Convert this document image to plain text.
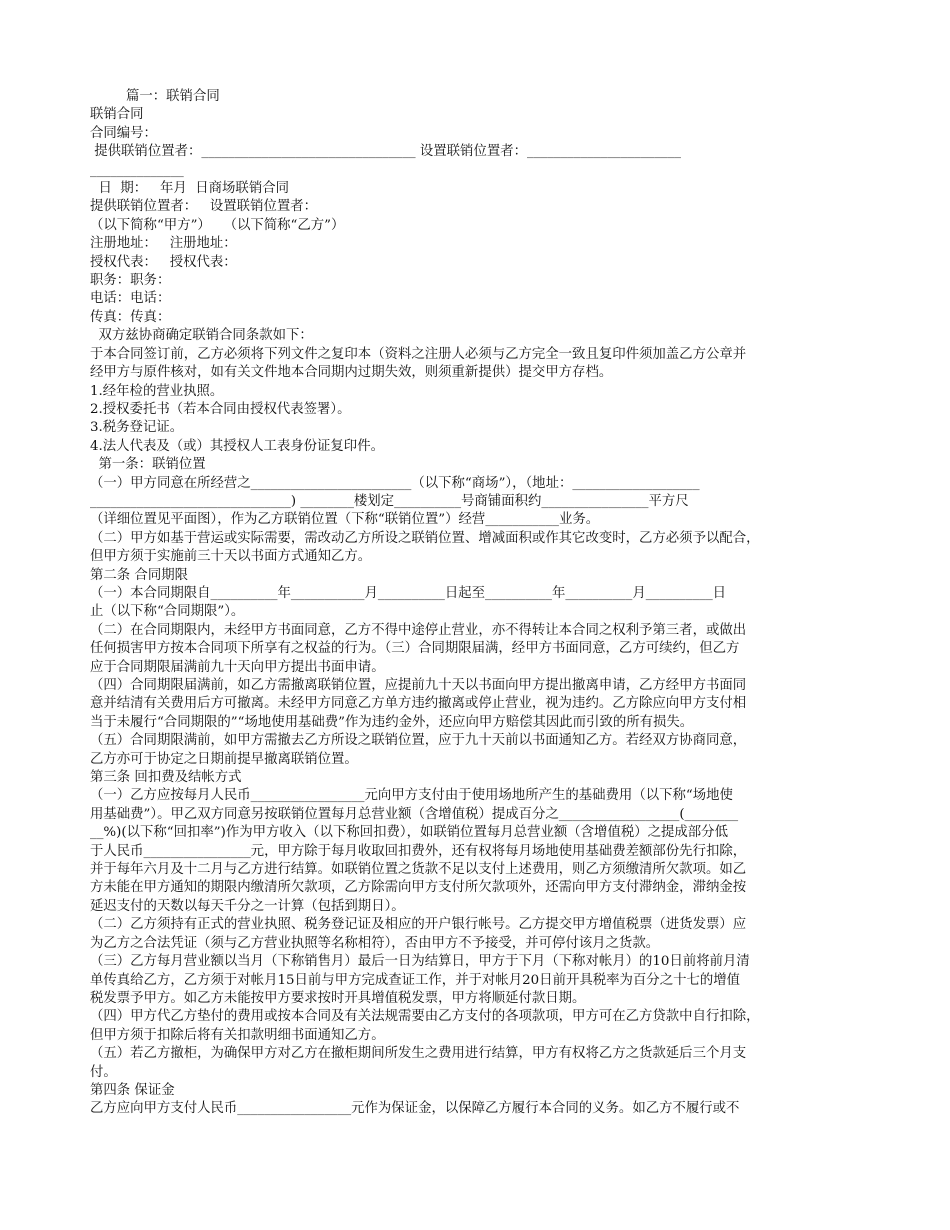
篇一：联销合同
联销合同
合同编号：
提供联销位置者：________________________________ 设置联销位置者：_______________________
______________
日  期：   年月  日商场联销合同
提供联销位置者：   设置联销位置者：
（以下简称“甲方”）   （以下简称“乙方”）
注册地址：   注册地址：
授权代表：   授权代表：
职务：职务：
电话：电话：
传真：传真：
双方兹协商确定联销合同条款如下：
于本合同签订前，乙方必须将下列文件之复印本（资料之注册人必须与乙方完全一致且复印件须加盖乙方公章并
经甲方与原件核对，如有关文件地本合同期内过期失效，则须重新提供）提交甲方存档。
1.经年检的营业执照。
2.授权委托书（若本合同由授权代表签署）。
3.税务登记证。
4.法人代表及（或）其授权人工表身份证复印件。
第一条：联销位置
（一）甲方同意在所经营之________________________（以下称“商场”），（地址：___________________
______________________________) ________楼划定__________号商铺面积约________________平方尺
（详细位置见平面图），作为乙方联销位置（下称“联销位置”）经营___________业务。
（二）甲方如基于营运或实际需要，需改动乙方所设之联销位置、增减面积或作其它改变时，乙方必须予以配合，
但甲方须于实施前三十天以书面方式通知乙方。
第二条 合同期限
（一）本合同期限自__________年___________月__________日起至__________年__________月__________日
止（以下称“合同期限”）。
（二）在合同期限内，未经甲方书面同意，乙方不得中途停止营业，亦不得转让本合同之权利予第三者，或做出
任何损害甲方按本合同项下所享有之权益的行为。（三）合同期限届满，经甲方书面同意，乙方可续约，但乙方
应于合同期限届满前九十天向甲方提出书面申请。
（四）合同期限届满前，如乙方需撤离联销位置，应提前九十天以书面向甲方提出撤离申请，乙方经甲方书面同
意并结清有关费用后方可撤离。未经甲方同意乙方单方违约撤离或停止营业，视为违约。乙方除应向甲方支付相
当于未履行“合同期限的”“场地使用基础费”作为违约金外，还应向甲方赔偿其因此而引致的所有损失。
（五）合同期限满前，如甲方需撤去乙方所设之联销位置，应于九十天前以书面通知乙方。若经双方协商同意，
乙方亦可于协定之日期前提早撤离联销位置。
第三条 回扣费及结帐方式
（一）乙方应按每月人民币_________________元向甲方支付由于使用场地所产生的基础费用（以下称“场地使
用基础费”）。甲乙双方同意另按联销位置每月总营业额（含增值税）提成百分之__________________(________
__%)(以下称“回扣率”)作为甲方收入（以下称回扣费），如联销位置每月总营业额（含增值税）之提成部分低
于人民币________________元，甲方除于每月收取回扣费外，还有权将每月场地使用基础费差额部份先行扣除，
并于每年六月及十二月与乙方进行结算。如联销位置之货款不足以支付上述费用，则乙方须缴清所欠款项。如乙
方未能在甲方通知的期限内缴清所欠款项，乙方除需向甲方支付所欠款项外，还需向甲方支付滞纳金，滞纳金按
延迟支付的天数以每天千分之一计算（包括到期日）。
（二）乙方须持有正式的营业执照、税务登记证及相应的开户银行帐号。乙方提交甲方增值税票（进货发票）应
为乙方之合法凭证（须与乙方营业执照等名称相符），否由甲方不予接受，并可停付该月之货款。
（三）乙方每月营业额以当月（下称销售月）最后一日为结算日，甲方于下月（下称对帐月）的10日前将前月清
单传真给乙方，乙方须于对帐月15日前与甲方完成查证工作，并于对帐月20日前开具税率为百分之十七的增值
税发票予甲方。如乙方未能按甲方要求按时开具增值税发票，甲方将顺延付款日期。
（四）甲方代乙方垫付的费用或按本合同及有关法规需要由乙方支付的各项款项，甲方可在乙方贷款中自行扣除，
但甲方须于扣除后将有关扣款明细书面通知乙方。
（五）若乙方撤柜，为确保甲方对乙方在撤柜期间所发生之费用进行结算，甲方有权将乙方之货款延后三个月支
付。
第四条 保证金
乙方应向甲方支付人民币_________________元作为保证金，以保障乙方履行本合同的义务。如乙方不履行或不
